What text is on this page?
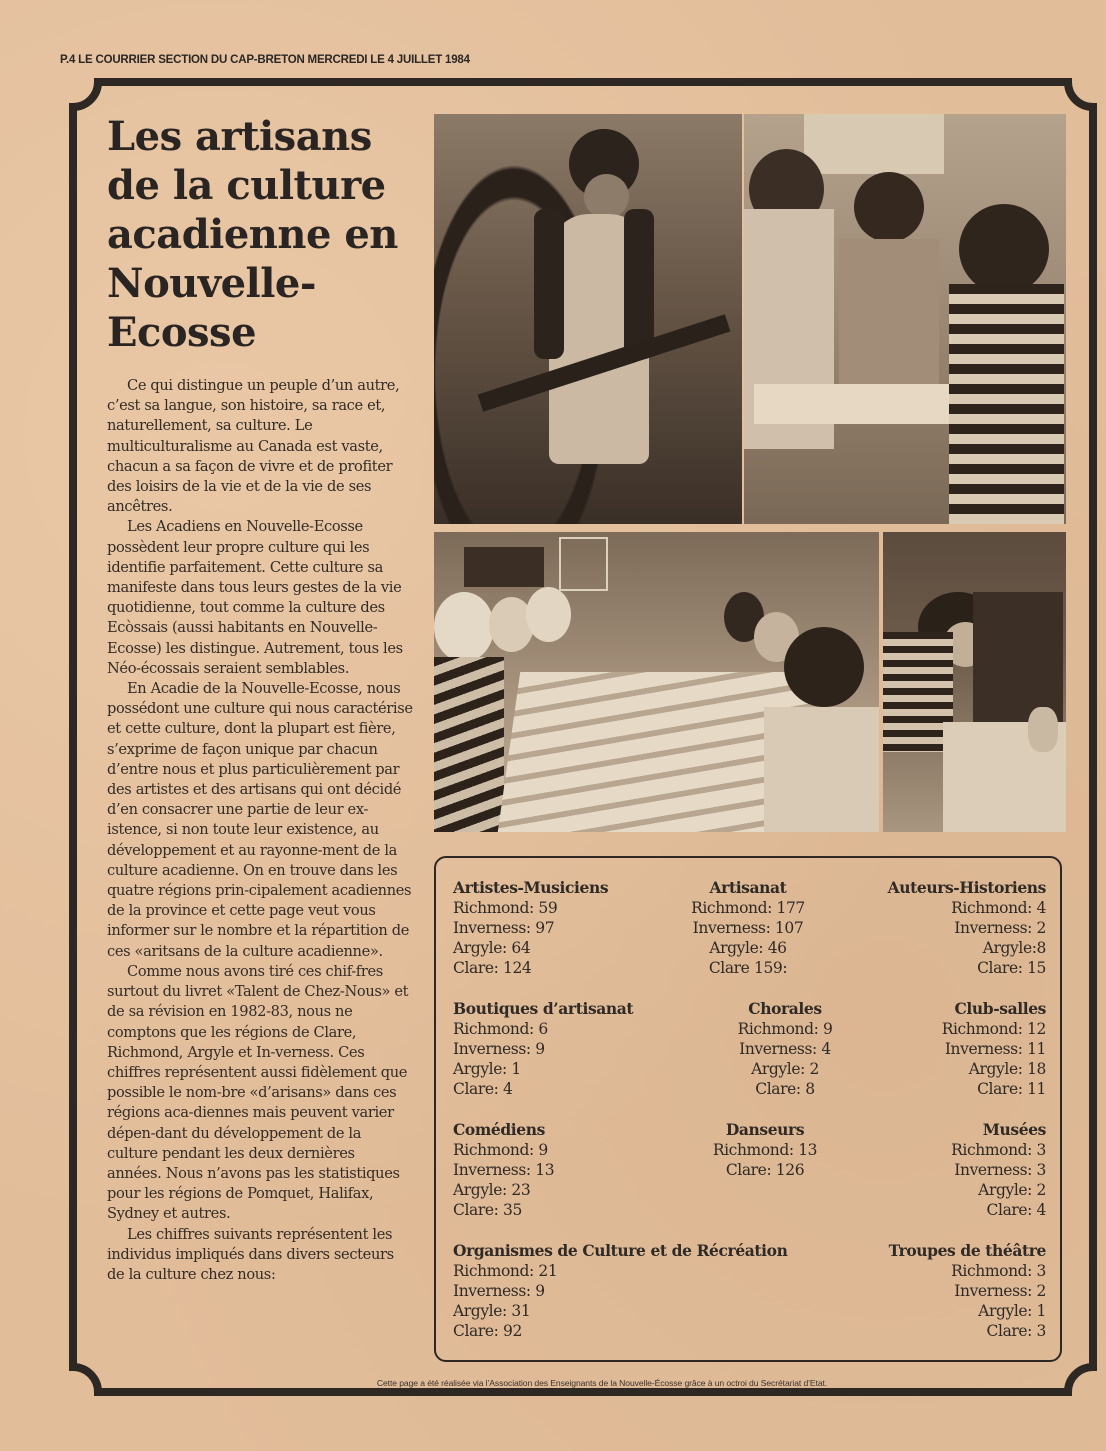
P.4 LE COURRIER SECTION DU CAP-BRETON MERCREDI LE 4 JUILLET 1984
Les artisans de la culture acadienne en Nouvelle-Ecosse

Ce qui distingue un peuple d’un autre, c’est sa langue, son histoire, sa race et, naturellement, sa culture. Le multiculturalisme au Canada est vaste, chacun a sa façon de vivre et de profiter des loisirs de la vie et de la vie de ses ancêtres.

Les Acadiens en Nouvelle-Ecosse possèdent leur propre culture qui les identifie parfaitement. Cette culture sa manifeste dans tous leurs gestes de la vie quotidienne, tout comme la culture des Ecòssais (aussi habitants en Nouvelle-Ecosse) les distingue. Autrement, tous les Néo-écossais seraient semblables.

En Acadie de la Nouvelle-Ecosse, nous possédont une culture qui nous caractérise et cette culture, dont la plupart est fière, s’exprime de façon unique par chacun d’entre nous et plus particulièrement par des artistes et des artisans qui ont décidé d’en consacrer une partie de leur ex-istence, si non toute leur existence, au développement et au rayonne-ment de la culture acadienne. On en trouve dans les quatre régions prin-cipalement acadiennes de la province et cette page veut vous informer sur le nombre et la répartition de ces «aritsans de la culture acadienne».

Comme nous avons tiré ces chif-fres surtout du livret «Talent de Chez-Nous» et de sa révision en 1982-83, nous ne comptons que les régions de Clare, Richmond, Argyle et In-verness. Ces chiffres représentent aussi fidèlement que possible le nom-bre «d’arisans» dans ces régions aca-diennes mais peuvent varier dépen-dant du développement de la culture pendant les deux dernières années. Nous n’avons pas les statistiques pour les régions de Pomquet, Halifax, Sydney et autres.

Les chiffres suivants représentent les individus impliqués dans divers secteurs de la culture chez nous:

Artistes-Musiciens
Richmond: 59
Inverness: 97
Argyle: 64
Clare: 124
Artisanat
Richmond: 177
Inverness: 107
Argyle: 46
Clare 159:
Auteurs-Historiens
Richmond: 4
Inverness: 2
Argyle:8
Clare: 15
Boutiques d’artisanat
Richmond: 6
Inverness: 9
Argyle: 1
Clare: 4
Chorales
Richmond: 9
Inverness: 4
Argyle: 2
Clare: 8
Club-salles
Richmond: 12
Inverness: 11
Argyle: 18
Clare: 11
Comédiens
Richmond: 9
Inverness: 13
Argyle: 23
Clare: 35
Danseurs
Richmond: 13
Clare: 126
Musées
Richmond: 3
Inverness: 3
Argyle: 2
Clare: 4
Organismes de Culture et de Récréation
Richmond: 21
Inverness: 9
Argyle: 31
Clare: 92
Troupes de théâtre
Richmond: 3
Inverness: 2
Argyle: 1
Clare: 3
Cette page a été réalisée via l’Association des Enseignants de la Nouvelle-Écosse grâce à un octroi du Secrétariat d’Etat.
